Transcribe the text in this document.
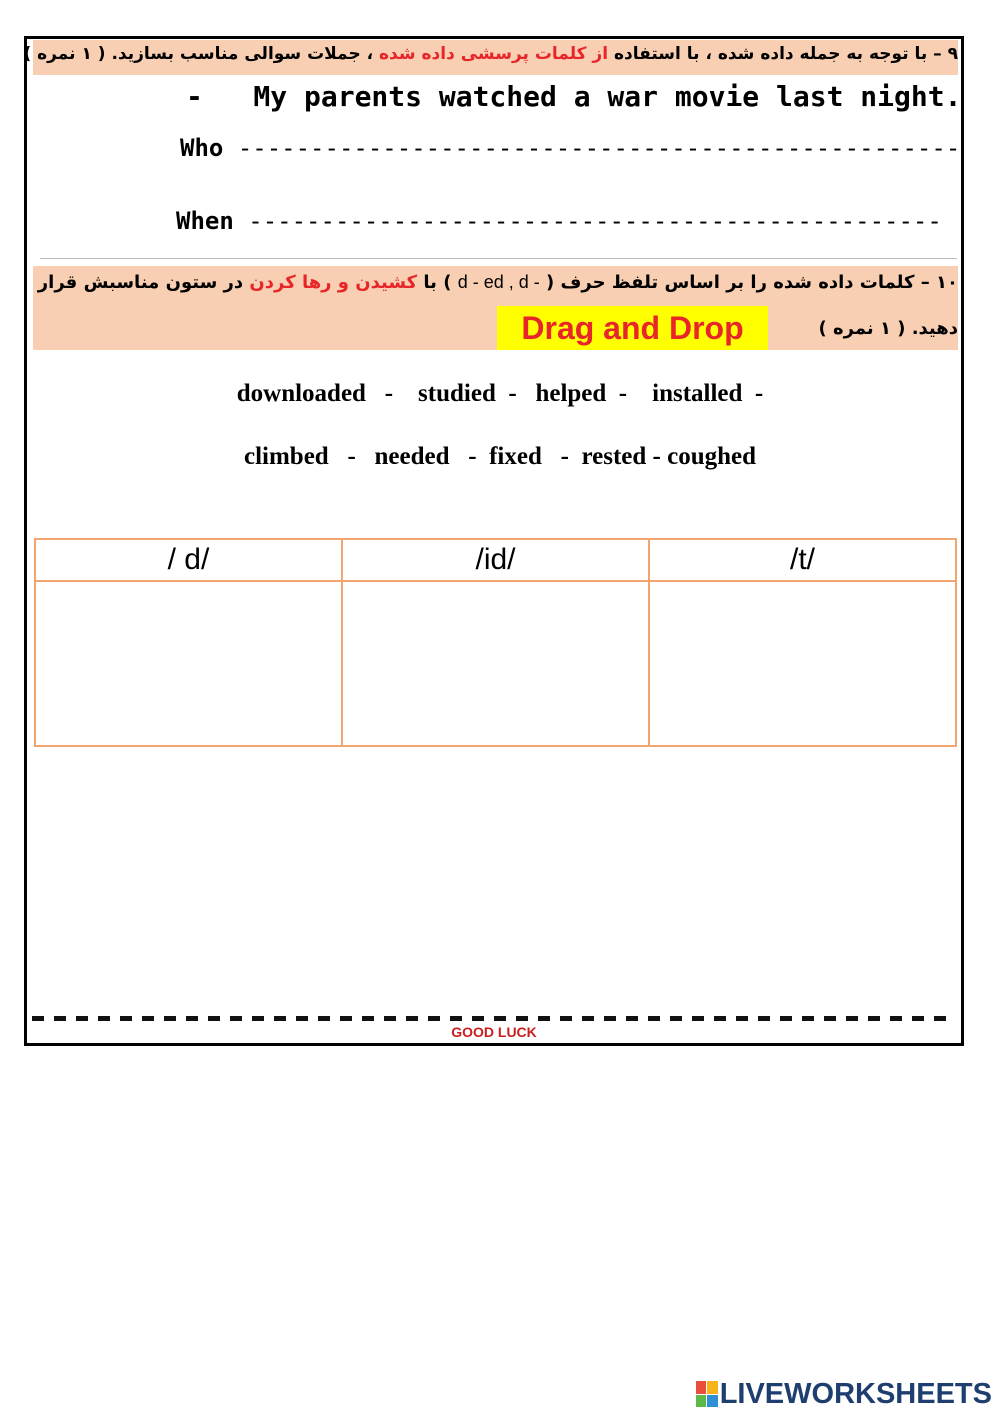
۹ – با توجه به جمله داده شده ، با استفاده از کلمات پرسشی داده شده ، جملات سوالی مناسب بسازید. ( ۱ نمره )
-   My parents watched a war movie last night.
Who --------------------------------------------------
When ------------------------------------------------
۱۰ – کلمات داده شده را بر اساس تلفظ حرف ( d - ed , d - ) با کشیدن و رها کردن در ستون مناسبش قرار
دهید. ( ۱ نمره )
Drag and Drop
downloaded   -    studied  -   helped  -    installed  -
climbed   -   needed   -  fixed   -  rested - coughed
/ d/	/id/	/t/

GOOD LUCK
LIVEWORKSHEETS
